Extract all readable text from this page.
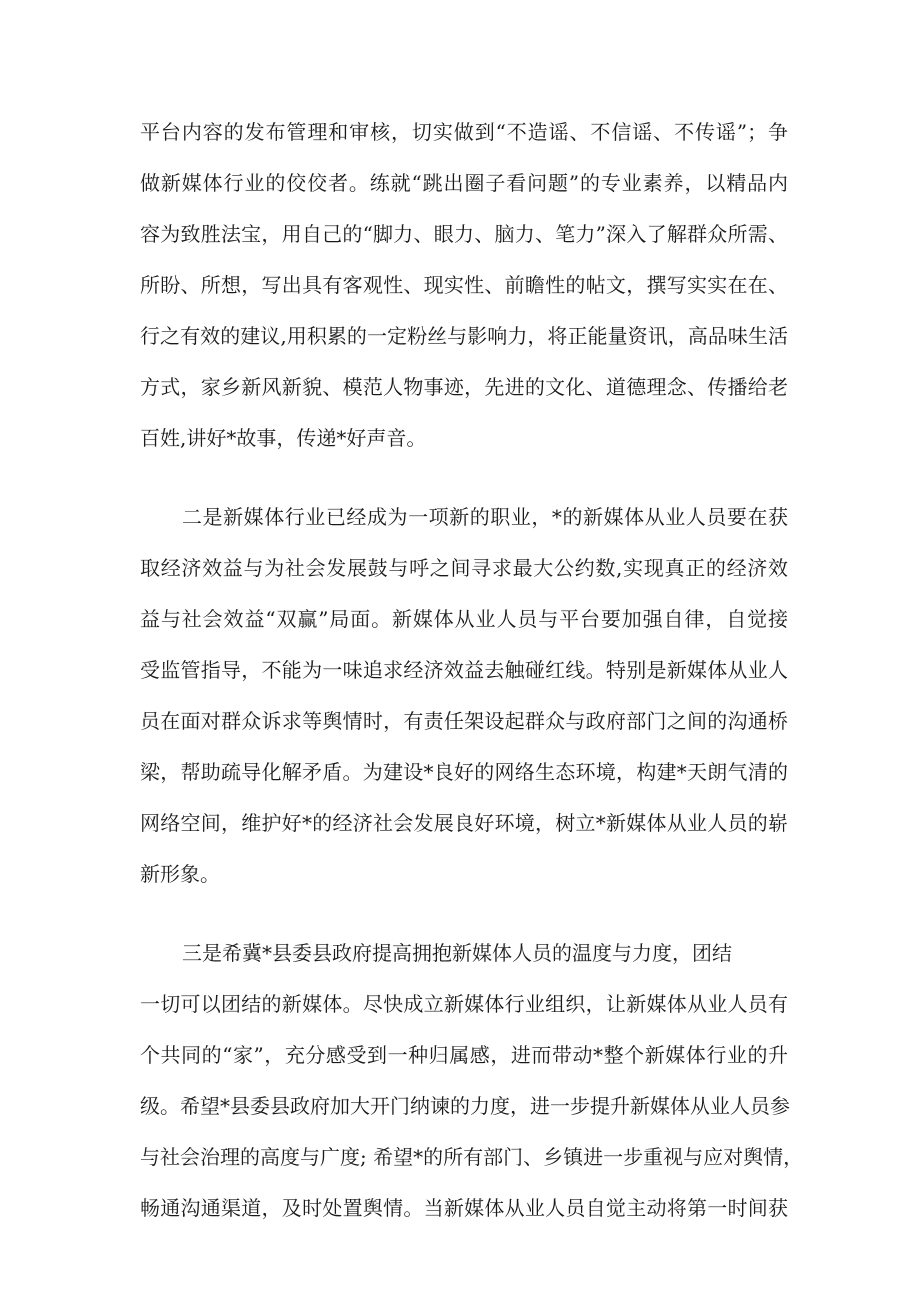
平台内容的发布管理和审核，切实做到“不造谣、不信谣、不传谣”；争
做新媒体行业的佼佼者。练就“跳出圈子看问题”的专业素养，以精品内
容为致胜法宝，用自己的“脚力、眼力、脑力、笔力”深入了解群众所需、
所盼、所想，写出具有客观性、现实性、前瞻性的帖文，撰写实实在在、
行之有效的建议,用积累的一定粉丝与影响力，将正能量资讯，高品味生活
方式，家乡新风新貌、模范人物事迹，先进的文化、道德理念、传播给老
百姓,讲好*故事，传递*好声音。
二是新媒体行业已经成为一项新的职业，*的新媒体从业人员要在获
取经济效益与为社会发展鼓与呼之间寻求最大公约数,实现真正的经济效
益与社会效益“双赢”局面。新媒体从业人员与平台要加强自律，自觉接
受监管指导，不能为一味追求经济效益去触碰红线。特别是新媒体从业人
员在面对群众诉求等舆情时，有责任架设起群众与政府部门之间的沟通桥
梁，帮助疏导化解矛盾。为建设*良好的网络生态环境，构建*天朗气清的
网络空间，维护好*的经济社会发展良好环境，树立*新媒体从业人员的崭
新形象。
三是希冀*县委县政府提高拥抱新媒体人员的温度与力度，团结
一切可以团结的新媒体。尽快成立新媒体行业组织，让新媒体从业人员有
个共同的“家”，充分感受到一种归属感，进而带动*整个新媒体行业的升
级。希望*县委县政府加大开门纳谏的力度，进一步提升新媒体从业人员参
与社会治理的高度与广度; 希望*的所有部门、乡镇进一步重视与应对舆情，
畅通沟通渠道，及时处置舆情。当新媒体从业人员自觉主动将第一时间获
